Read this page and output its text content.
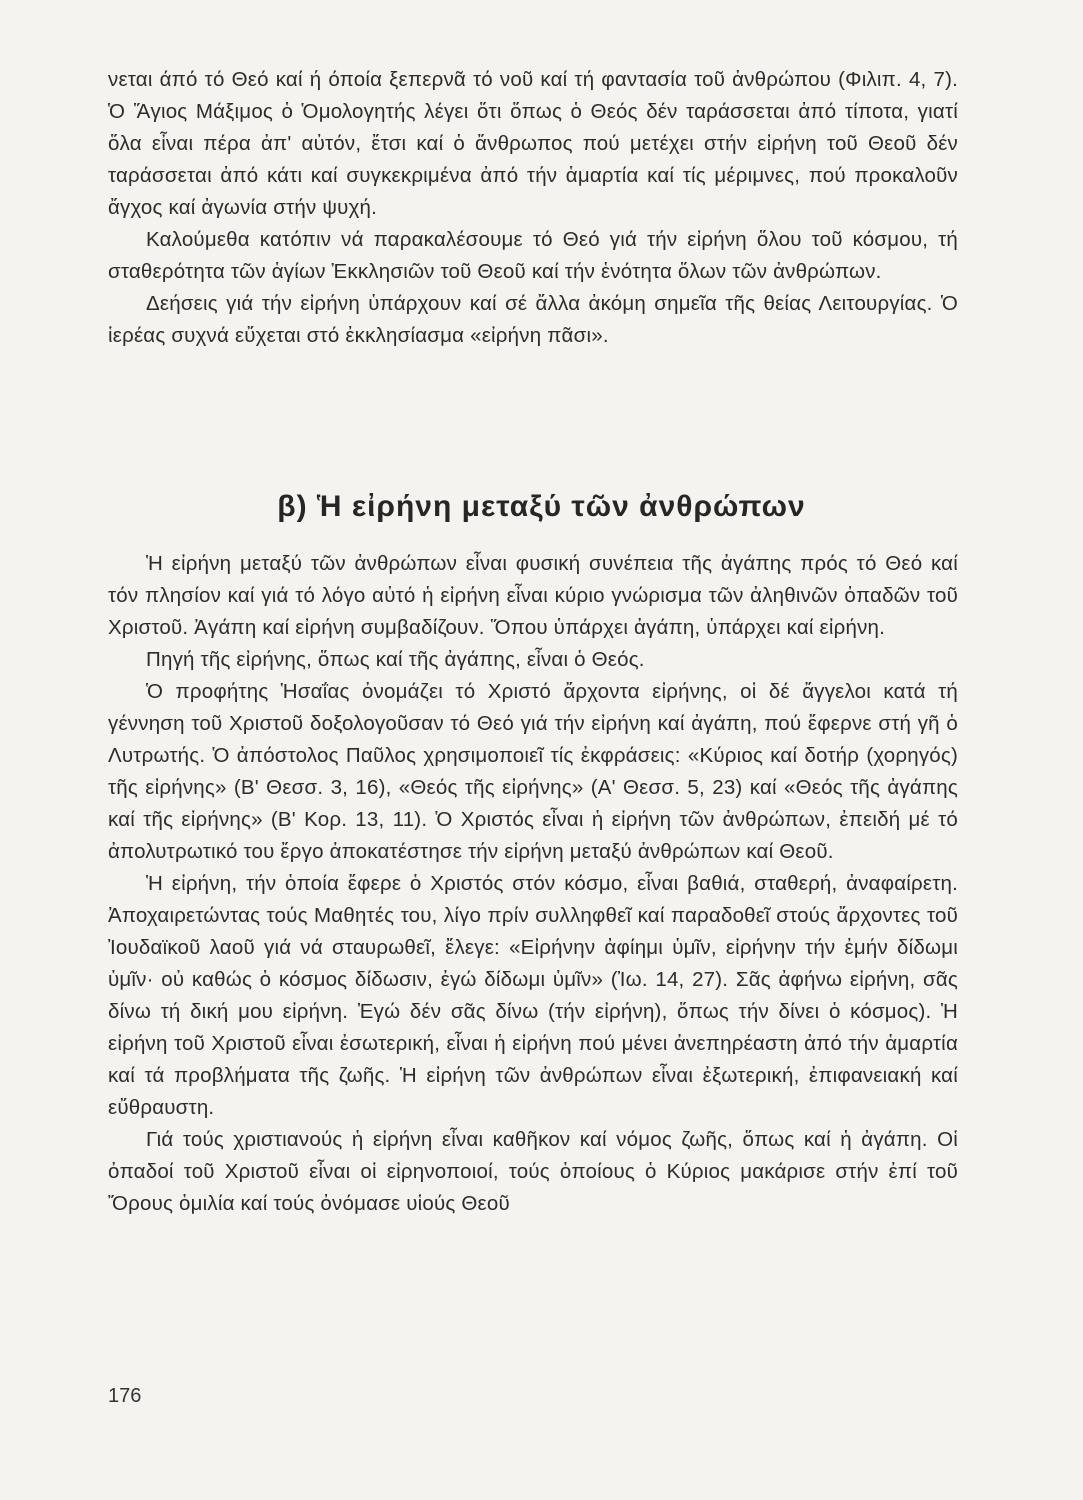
νεται άπό τό Θεό καί ή όποία ξεπερνᾶ τό νοῦ καί τή φαντασία τοῦ ἀνθρώπου (Φιλιπ. 4, 7). Ὁ Ἅγιος Μάξιμος ὁ Ὁμολογητής λέγει ὅτι ὅπως ὁ Θεός δέν ταράσσεται ἀπό τίποτα, γιατί ὅλα εἶναι πέρα ἀπ' αὐτόν, ἔτσι καί ὁ ἄνθρωπος πού μετέχει στήν εἰρήνη τοῦ Θεοῦ δέν ταράσσεται ἀπό κάτι καί συγκεκριμένα ἀπό τήν ἁμαρτία καί τίς μέριμνες, πού προκαλοῦν ἄγχος καί ἀγωνία στήν ψυχή.

Καλούμεθα κατόπιν νά παρακαλέσουμε τό Θεό γιά τήν εἰρήνη ὅλου τοῦ κόσμου, τή σταθερότητα τῶν ἁγίων Ἐκκλησιῶν τοῦ Θεοῦ καί τήν ἑνότητα ὅλων τῶν ἀνθρώπων.

Δεήσεις γιά τήν εἰρήνη ὑπάρχουν καί σέ ἄλλα ἀκόμη σημεῖα τῆς θείας Λειτουργίας. Ὁ ἱερέας συχνά εὔχεται στό ἐκκλησίασμα «εἰρήνη πᾶσι».

β) Ἡ εἰρήνη μεταξύ τῶν ἀνθρώπων

Ἡ εἰρήνη μεταξύ τῶν ἀνθρώπων εἶναι φυσική συνέπεια τῆς ἀγάπης πρός τό Θεό καί τόν πλησίον καί γιά τό λόγο αὐτό ἡ εἰρήνη εἶναι κύριο γνώρισμα τῶν ἀληθινῶν ὀπαδῶν τοῦ Χριστοῦ. Ἀγάπη καί εἰρήνη συμβαδίζουν. Ὅπου ὑπάρχει ἀγάπη, ὑπάρχει καί εἰρήνη.

Πηγή τῆς εἰρήνης, ὅπως καί τῆς ἀγάπης, εἶναι ὁ Θεός.

Ὁ προφήτης Ἡσαΐας ὀνομάζει τό Χριστό ἄρχοντα εἰρήνης, οἱ δέ ἄγγελοι κατά τή γέννηση τοῦ Χριστοῦ δοξολογοῦσαν τό Θεό γιά τήν εἰρήνη καί ἀγάπη, πού ἔφερνε στή γῆ ὁ Λυτρωτής. Ὁ ἀπόστολος Παῦλος χρησιμοποιεῖ τίς ἐκφράσεις: «Κύριος καί δοτήρ (χορηγός) τῆς εἰρήνης» (Β' Θεσσ. 3, 16), «Θεός τῆς εἰρήνης» (Α' Θεσσ. 5, 23) καί «Θεός τῆς ἀγάπης καί τῆς εἰρήνης» (Β' Κορ. 13, 11). Ὁ Χριστός εἶναι ἡ εἰρήνη τῶν ἀνθρώπων, ἐπειδή μέ τό ἀπολυτρωτικό του ἔργο ἀποκατέστησε τήν εἰρήνη μεταξύ ἀνθρώπων καί Θεοῦ.

Ἡ εἰρήνη, τήν ὁποία ἔφερε ὁ Χριστός στόν κόσμο, εἶναι βαθιά, σταθερή, ἀναφαίρετη. Ἀποχαιρετώντας τούς Μαθητές του, λίγο πρίν συλληφθεῖ καί παραδοθεῖ στούς ἄρχοντες τοῦ Ἰουδαϊκοῦ λαοῦ γιά νά σταυρωθεῖ, ἔλεγε: «Εἰρήνην ἀφίημι ὑμῖν, εἰρήνην τήν ἐμήν δίδωμι ὑμῖν· οὐ καθώς ὁ κόσμος δίδωσιν, ἐγώ δίδωμι ὑμῖν» (Ἰω. 14, 27). Σᾶς ἀφήνω εἰρήνη, σᾶς δίνω τή δική μου εἰρήνη. Ἐγώ δέν σᾶς δίνω (τήν εἰρήνη), ὅπως τήν δίνει ὁ κόσμος). Ἡ εἰρήνη τοῦ Χριστοῦ εἶναι ἐσωτερική, εἶναι ἡ εἰρήνη πού μένει ἀνεπηρέαστη ἀπό τήν ἁμαρτία καί τά προβλήματα τῆς ζωῆς. Ἡ εἰρήνη τῶν ἀνθρώπων εἶναι ἐξωτερική, ἐπιφανειακή καί εὔθραυστη.

Γιά τούς χριστιανούς ἡ εἰρήνη εἶναι καθῆκον καί νόμος ζωῆς, ὅπως καί ἡ ἀγάπη. Οἱ ὀπαδοί τοῦ Χριστοῦ εἶναι οἱ εἰρηνοποιοί, τούς ὁποίους ὁ Κύριος μακάρισε στήν ἐπί τοῦ Ὄρους ὁμιλία καί τούς ὀνόμασε υἱούς Θεοῦ

176
